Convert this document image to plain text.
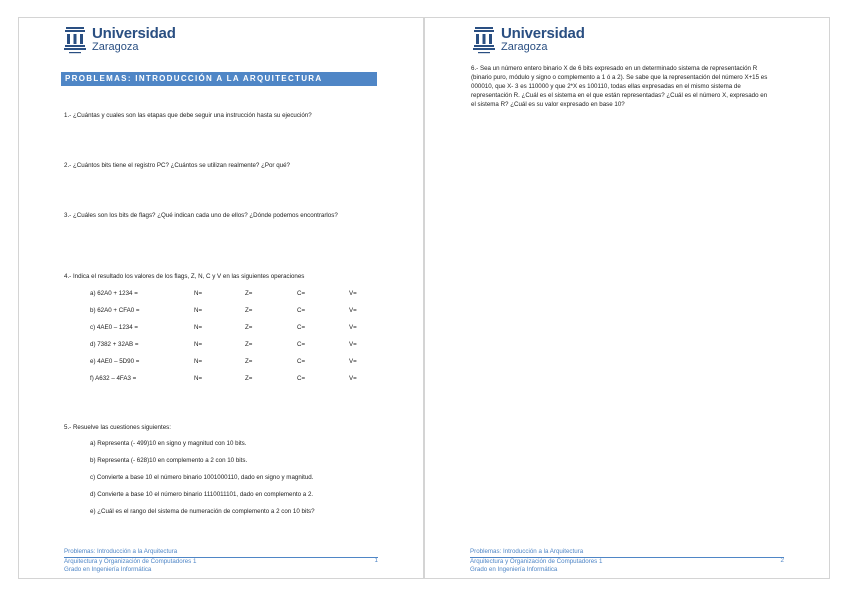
Universidad
Zaragoza
PROBLEMAS: INTRODUCCIÓN A LA ARQUITECTURA
1.- ¿Cuántas y cuales son las etapas que debe seguir una instrucción hasta su ejecución?
2.- ¿Cuántos bits tiene el registro PC? ¿Cuántos se utilizan realmente? ¿Por qué?
3.- ¿Cuáles son los bits de flags? ¿Qué indican cada uno de ellos? ¿Dónde podemos encontrarlos?
4.- Indica el resultado los valores de los flags, Z, N, C y V en las siguientes operaciones
a) 62A0 + 1234 =	N=	Z=	C=	V=
b) 62A0 + CFA0 =	N=	Z=	C=	V=
c) 4AE0 – 1234 =	N=	Z=	C=	V=
d) 7382 + 32AB =	N=	Z=	C=	V=
e) 4AE0 – 5D90 =	N=	Z=	C=	V=
f) A632 – 4FA3 =	N=	Z=	C=	V=
5.- Resuelve las cuestiones siguientes:
a) Representa (- 499)10 en signo y magnitud con 10 bits.
b) Representa (- 628)10 en complemento a 2 con 10 bits.
c) Convierte a base 10 el número binario 1001000110, dado en signo y magnitud.
d) Convierte a base 10 el número binario 1110011101, dado en complemento a 2.
e) ¿Cuál es el rango del sistema de numeración de complemento a 2 con 10 bits?
Problemas: Introducción a la Arquitectura
Arquitectura y Organización de Computadores 1
Grado en Ingeniería Informática
1
Universidad
Zaragoza
6.- Sea un número entero binario X de 6 bits expresado en un determinado sistema de representación R (binario puro, módulo y signo o complemento a 1 ó a 2). Se sabe que la representación del número X+15 es 000010, que X- 3 es 110000 y que 2*X es 100110, todas ellas expresadas en el mismo sistema de representación R. ¿Cuál es el sistema en el que están representadas? ¿Cuál es el número X, expresado en el sistema R? ¿Cuál es su valor expresado en base 10?
Problemas: Introducción a la Arquitectura
Arquitectura y Organización de Computadores 1
Grado en Ingeniería Informática
2
